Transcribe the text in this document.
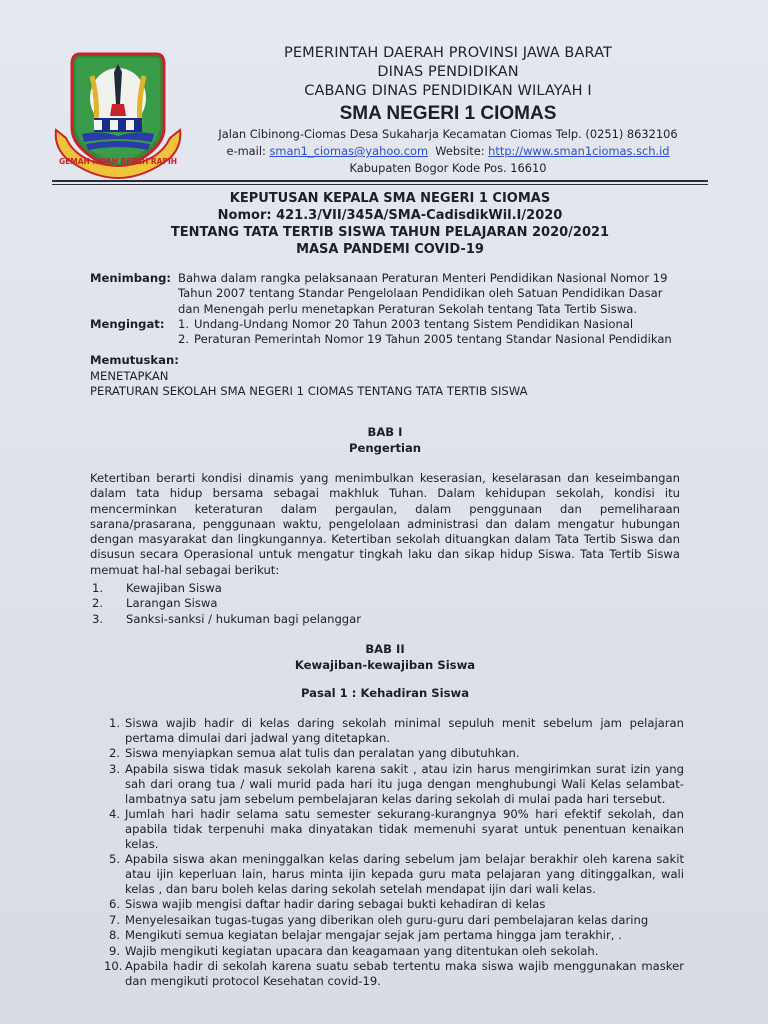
GEMAH RIPAH REPEH RAPIH
PEMERINTAH DAERAH PROVINSI JAWA BARAT
DINAS PENDIDIKAN
CABANG DINAS PENDIDIKAN WILAYAH I
SMA NEGERI 1 CIOMAS
Jalan Cibinong-Ciomas Desa Sukaharja Kecamatan Ciomas Telp. (0251) 8632106
e-mail: sman1_ciomas@yahoo.com  Website: http://www.sman1ciomas.sch.id
Kabupaten Bogor Kode Pos. 16610
KEPUTUSAN KEPALA SMA NEGERI 1 CIOMAS
Nomor: 421.3/VII/345A/SMA-CadisdikWil.I/2020
TENTANG TATA TERTIB SISWA TAHUN PELAJARAN 2020/2021
MASA PANDEMI COVID-19
Menimbang: Bahwa dalam rangka pelaksanaan Peraturan Menteri Pendidikan Nasional Nomor 19 Tahun 2007 tentang Standar Pengelolaan Pendidikan oleh Satuan Pendidikan Dasar dan Menengah perlu menetapkan Peraturan Sekolah tentang Tata Tertib Siswa.
Mengingat:	1. Undang-Undang Nomor 20 Tahun 2003 tentang Sistem Pendidikan Nasional
2. Peraturan Pemerintah Nomor 19 Tahun 2005 tentang Standar Nasional Pendidikan
Memutuskan:
MENETAPKAN
PERATURAN SEKOLAH SMA NEGERI 1 CIOMAS TENTANG TATA TERTIB SISWA
BAB I
Pengertian
Ketertiban berarti kondisi dinamis yang menimbulkan keserasian, keselarasan dan keseimbangan dalam tata hidup bersama sebagai makhluk Tuhan. Dalam kehidupan sekolah, kondisi itu mencerminkan keteraturan dalam pergaulan, dalam penggunaan dan pemeliharaan sarana/prasarana, penggunaan waktu, pengelolaan administrasi dan dalam mengatur hubungan dengan masyarakat dan lingkungannya. Ketertiban sekolah dituangkan dalam Tata Tertib Siswa dan disusun secara Operasional untuk mengatur tingkah laku dan sikap hidup Siswa. Tata Tertib Siswa memuat hal-hal sebagai berikut:
1.	Kewajiban Siswa
2.	Larangan Siswa
3.	Sanksi-sanksi / hukuman bagi pelanggar
BAB II
Kewajiban-kewajiban Siswa
Pasal 1 : Kehadiran Siswa
1. Siswa wajib hadir di kelas daring sekolah minimal sepuluh menit sebelum jam pelajaran pertama dimulai dari jadwal yang ditetapkan.
2. Siswa menyiapkan semua alat tulis dan peralatan yang dibutuhkan.
3. Apabila siswa tidak masuk sekolah karena sakit , atau izin harus mengirimkan surat izin yang sah dari orang tua / wali murid pada hari itu juga dengan menghubungi Wali Kelas selambat-lambatnya satu jam sebelum pembelajaran kelas daring sekolah di mulai pada hari tersebut.
4. Jumlah hari hadir selama satu semester sekurang-kurangnya 90% hari efektif sekolah, dan apabila tidak terpenuhi maka dinyatakan tidak memenuhi syarat untuk penentuan kenaikan kelas.
5. Apabila siswa akan meninggalkan kelas daring sebelum jam belajar berakhir oleh karena sakit atau ijin keperluan lain, harus minta ijin kepada guru mata pelajaran yang ditinggalkan, wali kelas , dan baru boleh kelas daring sekolah setelah mendapat ijin dari wali kelas.
6. Siswa wajib mengisi daftar hadir daring sebagai bukti kehadiran di kelas
7. Menyelesaikan tugas-tugas yang diberikan oleh guru-guru dari pembelajaran kelas daring
8. Mengikuti semua kegiatan belajar mengajar sejak jam pertama hingga jam terakhir, .
9. Wajib mengikuti kegiatan upacara dan keagamaan yang ditentukan oleh sekolah.
10. Apabila hadir di sekolah karena suatu sebab tertentu maka siswa wajib menggunakan masker dan mengikuti protocol Kesehatan covid-19.
